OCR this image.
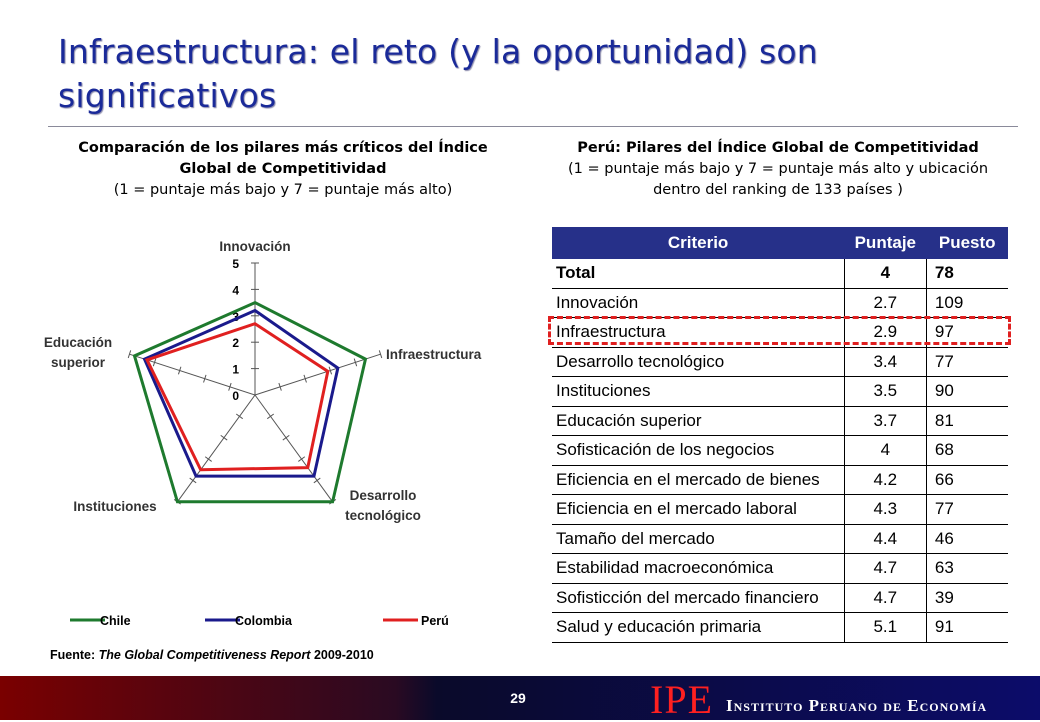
Infraestructura: el reto (y la oportunidad) son significativos
Comparación de los pilares más críticos del Índice Global de Competitividad
(1 = puntaje más bajo y 7 = puntaje más alto)
Perú: Pilares del Índice Global de Competitividad
(1 = puntaje más bajo y 7 = puntaje más alto y ubicación dentro del ranking de 133 países )
0
1
2
3
4
5
Innovación
Infraestructura
Desarrollo tecnológico
Instituciones
Educación superior
Chile	Colombia	Perú
Fuente: The Global Competitiveness Report 2009-2010
Criterio	Puntaje	Puesto
Total	4	78
Innovación	2.7	109
Infraestructura	2.9	97
Desarrollo tecnológico	3.4	77
Instituciones	3.5	90
Educación superior	3.7	81
Sofisticación de los negocios	4	68
Eficiencia en el mercado de bienes	4.2	66
Eficiencia en el mercado laboral	4.3	77
Tamaño del mercado	4.4	46
Estabilidad macroeconómica	4.7	63
Sofisticción del mercado financiero	4.7	39
Salud y educación primaria	5.1	91
29	IPE Instituto Peruano de Economía
